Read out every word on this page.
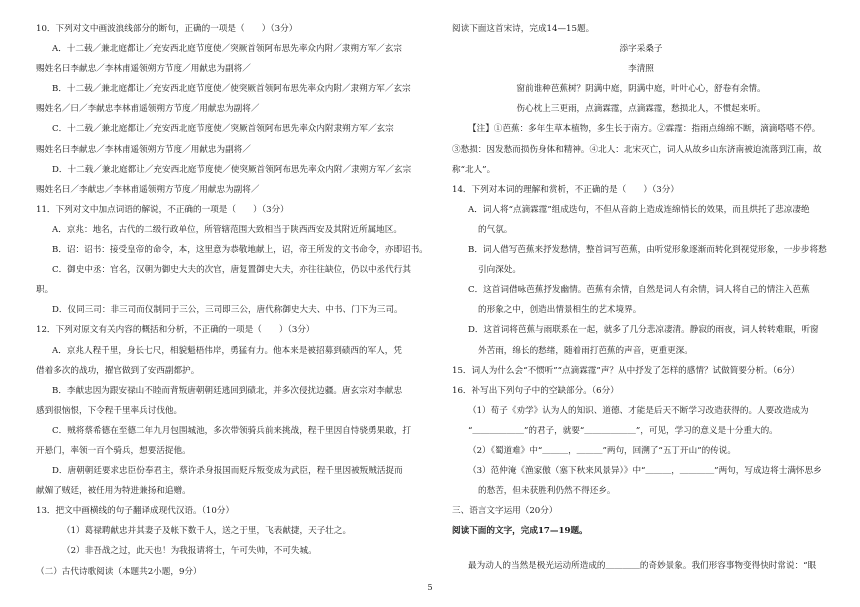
10．下列对文中画波浪线部分的断句，正确的一项是（　　）（3分）
A．十二载／兼北庭都让／充安西北庭节度使／突厥首领阿布思先率众内附／隶朔方军／玄宗
赐姓名曰李献忠／李林甫遥领朔方节度／用献忠为副将／
B．十二载／兼北庭都让／充安西北庭节度使／使突厥首领阿布思先率众内附／隶朔方军／玄宗
赐姓名／曰／李献忠李林甫遥领朔方节度／用献忠为副将／
C．十二载／兼北庭都让／充安西北庭节度使／突厥首领阿布思先率众内附隶朔方军／玄宗
赐姓名曰李献忠／李林甫遥领朔方节度／用献忠为副将／
D．十二载／兼北庭都让／充安西北庭节度使／使突厥首领阿布思先率众内附／隶朔方军／玄宗
赐姓名曰／李献忠／李林甫遥领朔方节度／用献忠为副将／
11．下列对文中加点词语的解说，不正确的一项是（　　）（3分）
A．京兆：地名，古代的二级行政单位，所管辖范围大致相当于陕西西安及其附近所属地区。
B．诏：诏书：接受皇帝的命令，本，这里意为恭敬地献上，诏，帝王所发的文书命令，亦即诏书。
C．御史中丞：官名，汉朝为御史大夫的次官，唐复置御史大夫，亦往往缺位，仍以中丞代行其
职。
D．仪同三司：非三司而仪制同于三公，三司即三公，唐代称御史大夫、中书、门下为三司。
12．下列对原文有关内容的概括和分析，不正确的一项是（　　）（3分）
A．京兆人程千里，身长七尺，相貌魁梧伟岸，勇猛有力。他本来是被招募到碛西的军人，凭
借着多次的战功，擢官做到了安西副都护。
B．李献忠因为跟安禄山不睦而背叛唐朝朝廷逃回到碛北，并多次侵扰边疆。唐玄宗对李献忠
感到很恼恨，下令程千里率兵讨伐他。
C．贼将蔡希德在至德二年九月包围城池，多次带领骑兵前来挑战，程千里因自恃骁勇果敢，打
开悬门，率领一百个骑兵，想要活捉他。
D．唐朝朝廷要求忠臣份奉君主，蔡许杀身报国而贬斥叛变成为武臣，程千里因被叛贼活捉而
献媚了贼廷，被任用为特进兼扬和追赠。
13．把文中画横线的句子翻译成现代汉语。（10分）
（1）葛禄聘献忠并其妻子及帐下数千人，送之于里，飞表献捷，天子壮之。
（2）非吾战之过，此天也！为我报请将士，午可失帅，不可失城。
（二）古代诗歌阅读（本题共2小题，9分）
阅读下面这首宋诗，完成14—15题。
添字采桑子
李清照
窗前谁种芭蕉树？阴满中庭，阴满中庭，叶叶心心，舒卷有余情。
伤心枕上三更雨，点滴霖霪，点滴霖霪，愁损北人，不惯起来听。
【注】①芭蕉：多年生草本植物，多生长于南方。②霖霪：指雨点绵绵不断，滴滴嗒嗒不停。
③愁损：因发愁而损伤身体和精神。④北人：北宋灭亡，词人从故乡山东济南被迫流落到江南，故
称“北人”。
14．下列对本词的理解和赏析，不正确的是（　　）（3分）
A．词人将“点滴霖霪”组成迭句，不但从音韵上造成连绵悄长的效果，而且烘托了悲凉凄绝
的气氛。
B．词人借写芭蕉来抒发愁情，整首词写芭蕉，由听觉形象逐渐而转化到视觉形象，一步步将愁
引向深处。
C．这首词借咏芭蕉抒发幽情。芭蕉有余情，自然是词人有余情，词人将自己的情注入芭蕉
的形象之中，创造出情景相生的艺术境界。
D．这首词将芭蕉与雨联系在一起，就多了几分悲凉凄清。静寂的雨夜，词人转转难眠，听窗
外苦雨，绵长的愁绪，随着雨打芭蕉的声音，更重更深。
15．词人为什么会“不惯听”“点滴霖霪”声？从中抒发了怎样的感情？试做简要分析。（6分）
16．补写出下列句子中的空缺部分。（6分）
（1）荀子《劝学》认为人的知识、道德、才能是后天不断学习改造获得的。人要改造成为
“＿＿＿＿＿＿”的君子，就要“＿＿＿＿＿＿”，可见，学习的意义是十分重大的。
（2）《蜀道难》中“＿＿＿，＿＿＿”两句，回溯了“五丁开山”的传说。
（3）范仲淹《渔家傲（塞下秋来风景异）》中“＿＿＿，＿＿＿＿”两句，写成边将士满怀思乡
的愁苦，但未获胜利仍然不得还乡。
三、语言文字运用（20分）
阅读下面的文字，完成17—19题。
最为动人的当然是极光运动所造成的＿＿＿＿的奇妙景象。我们形容事物变得快时常说：“眼
5
